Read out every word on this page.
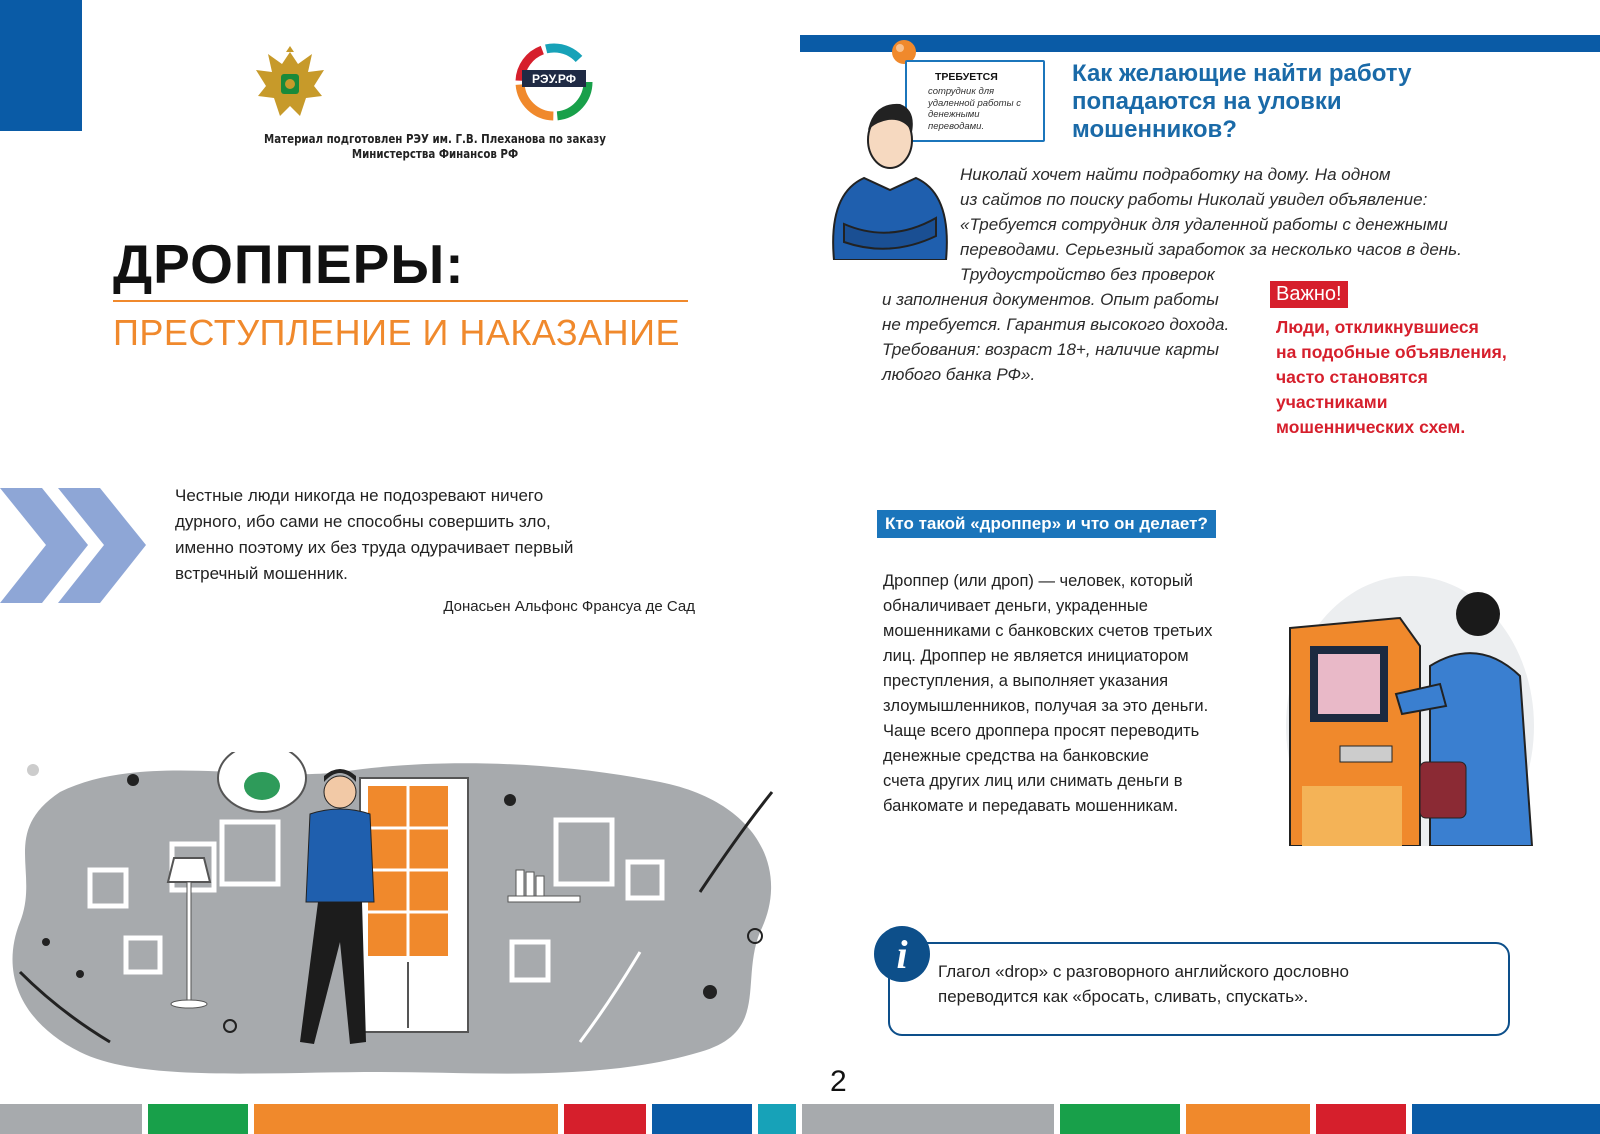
РЭУ.РФ
Материал подготовлен РЭУ им. Г.В. Плеханова по заказу Министерства Финансов РФ
ДРОППЕРЫ:
ПРЕСТУПЛЕНИЕ И НАКАЗАНИЕ
Честные люди никогда не подозревают ничего
дурного, ибо сами не способны совершить зло,
именно поэтому их без труда одурачивает первый
встречный мошенник.
Донасьен Альфонс Франсуа де Сад
ТРЕБУЕТСЯ
сотрудник для удаленной работы с денежными переводами.
Как желающие найти работу
попадаются на уловки
мошенников?
Николай хочет найти подработку на дому. На одном
из сайтов по поиску работы Николай увидел объявление:
«Требуется сотрудник для удаленной работы с денежными
переводами. Серьезный заработок за несколько часов в день.
Трудоустройство без проверок
и заполнения документов. Опыт работы
не требуется. Гарантия высокого дохода.
Требования: возраст 18+, наличие карты
любого банка РФ».
Важно!
Люди, откликнувшиеся
на подобные объявления,
часто становятся
участниками
мошеннических схем.
Кто такой «дроппер» и что он делает?
Дроппер (или дроп) — человек, который
обналичивает деньги, украденные
мошенниками с банковских счетов третьих
лиц. Дроппер не является инициатором
преступления, а выполняет указания
злоумышленников, получая за это деньги.
Чаще всего дроппера просят переводить
денежные средства на банковские
счета других лиц или снимать деньги в
банкомате и передавать мошенникам.
i Глагол «drop» с разговорного английского дословно
переводится как «бросать, сливать, спускать».
2
